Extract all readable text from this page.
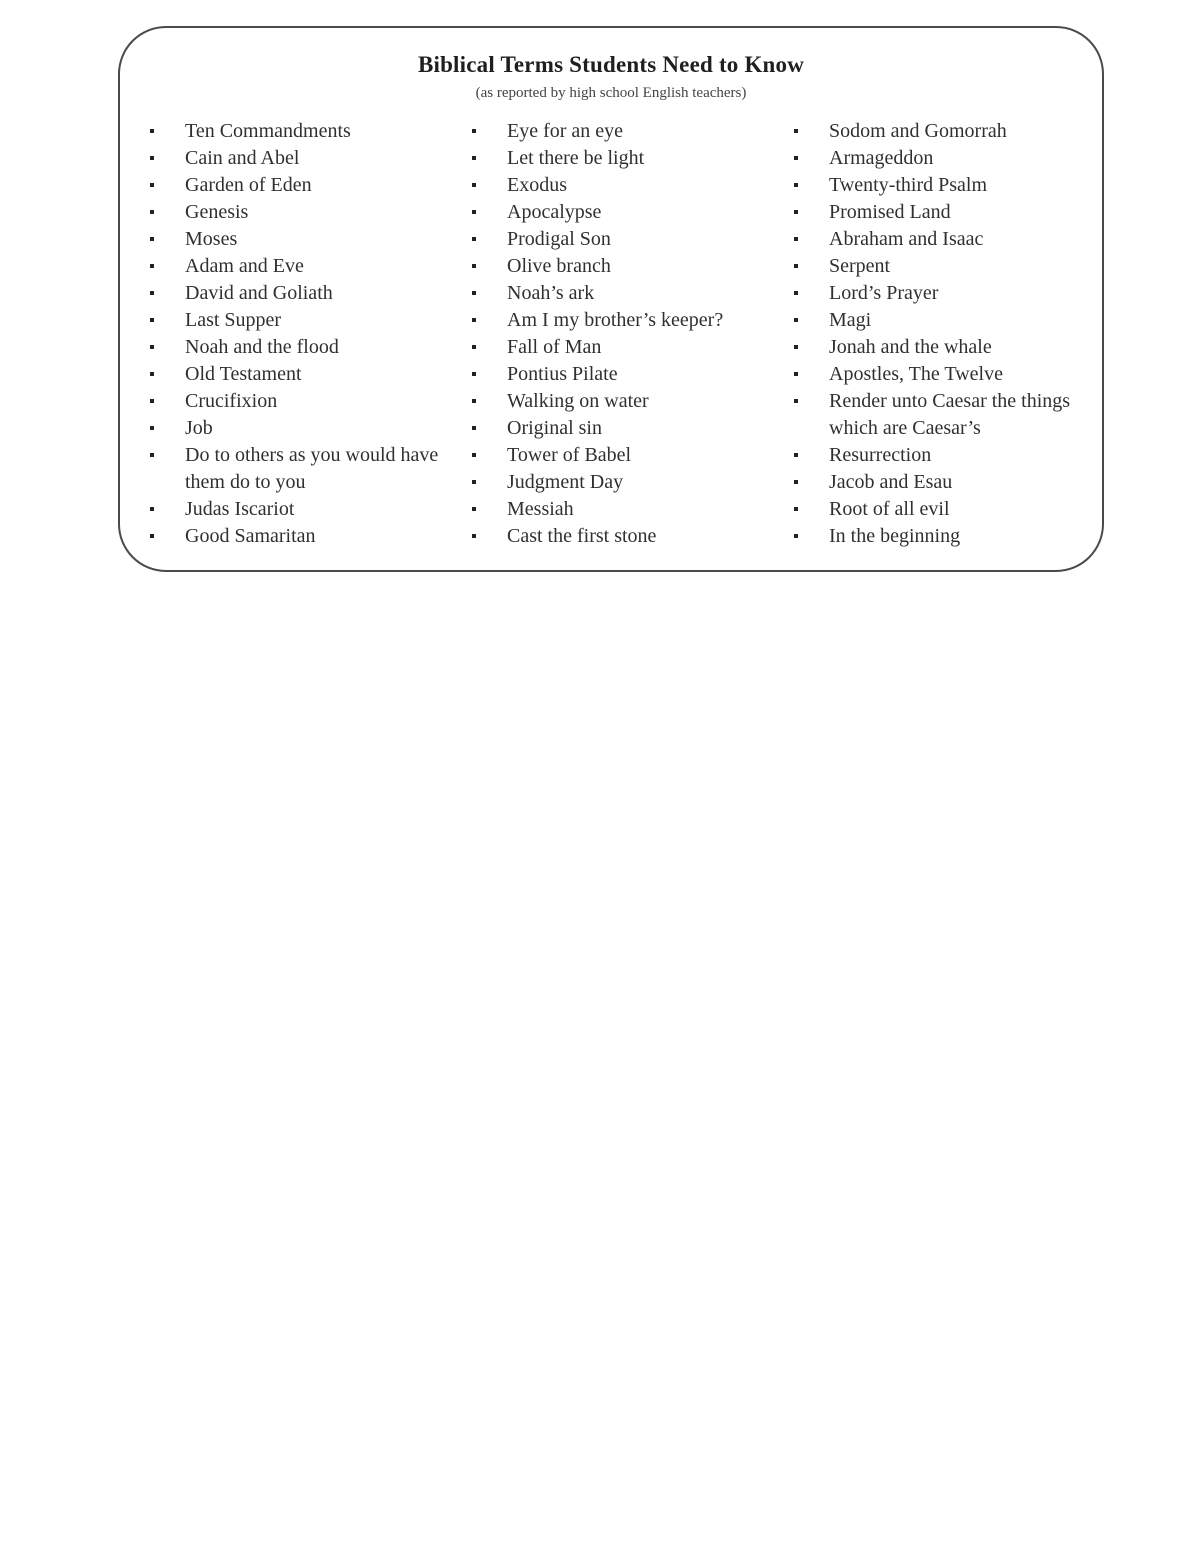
Biblical Terms Students Need to Know
(as reported by high school English teachers)
Ten Commandments
Cain and Abel
Garden of Eden
Genesis
Moses
Adam and Eve
David and Goliath
Last Supper
Noah and the flood
Old Testament
Crucifixion
Job
Do to others as you would have them do to you
Judas Iscariot
Good Samaritan
Eye for an eye
Let there be light
Exodus
Apocalypse
Prodigal Son
Olive branch
Noah’s ark
Am I my brother’s keeper?
Fall of Man
Pontius Pilate
Walking on water
Original sin
Tower of Babel
Judgment Day
Messiah
Cast the first stone
Sodom and Gomorrah
Armageddon
Twenty-third Psalm
Promised Land
Abraham and Isaac
Serpent
Lord’s Prayer
Magi
Jonah and the whale
Apostles, The Twelve
Render unto Caesar the things which are Caesar’s
Resurrection
Jacob and Esau
Root of all evil
In the beginning
